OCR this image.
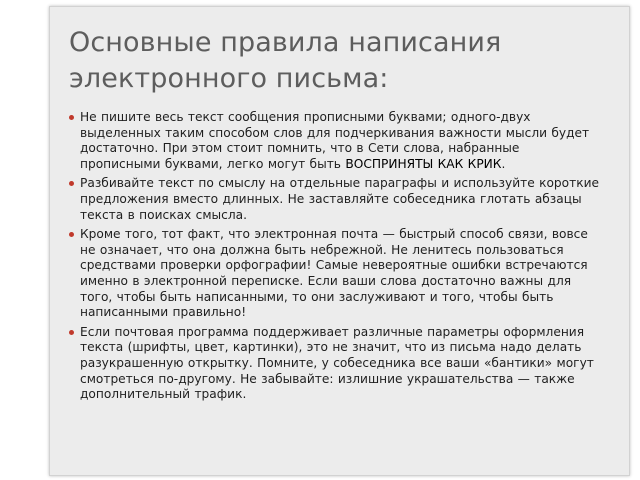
Основные правила написания электронного письма:
Не пишите весь текст сообщения прописными буквами; одного-двух выделенных таким способом слов для подчеркивания важности мысли будет достаточно. При этом стоит помнить, что в Сети слова, набранные прописными буквами, легко могут быть ВОСПРИНЯТЫ КАК КРИК.
Разбивайте текст по смыслу на отдельные параграфы и используйте короткие предложения вместо длинных. Не заставляйте собеседника глотать абзацы текста в поисках смысла.
Кроме того, тот факт, что электронная почта — быстрый способ связи, вовсе не означает, что она должна быть небрежной. Не ленитесь пользоваться средствами проверки орфографии! Самые невероятные ошибки встречаются именно в электронной переписке. Если ваши слова достаточно важны для того, чтобы быть написанными, то они заслуживают и того, чтобы быть написанными правильно!
Если почтовая программа поддерживает различные параметры оформления текста (шрифты, цвет, картинки), это не значит, что из письма надо делать разукрашенную открытку. Помните, у собеседника все ваши «бантики» могут смотреться по-другому. Не забывайте: излишние украшательства — также дополнительный трафик.
